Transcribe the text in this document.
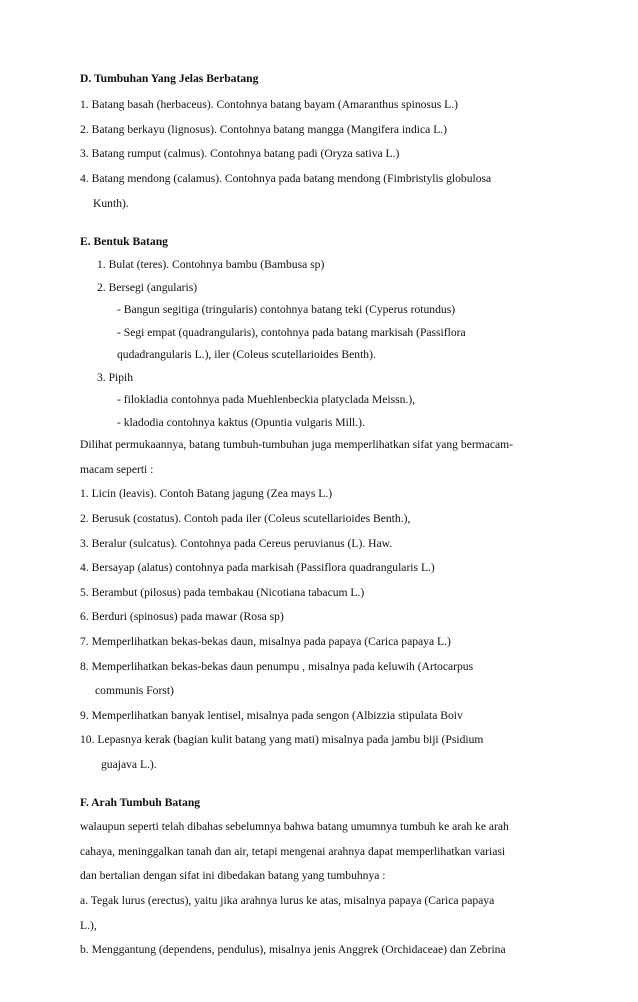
D. Tumbuhan Yang Jelas Berbatang
1. Batang basah (herbaceus). Contohnya batang bayam (Amaranthus spinosus L.)
2. Batang berkayu (lignosus). Contohnya batang mangga (Mangifera indica L.)
3. Batang rumput (calmus). Contohnya batang padi (Oryza sativa L.)
4. Batang mendong (calamus). Contohnya pada batang mendong (Fimbristylis globulosa
Kunth).
E. Bentuk Batang
1. Bulat (teres). Contohnya bambu (Bambusa sp)
2. Bersegi (angularis)
- Bangun segitiga (tringularis) contohnya batang teki (Cyperus rotundus)
- Segi empat (quadrangularis), contohnya pada batang markisah (Passiflora
qudadrangularis L.), iler (Coleus scutellarioides Benth).
3. Pipih
- filokladia contohnya pada Muehlenbeckia platyclada Meissn.),
- kladodia contohnya kaktus (Opuntia vulgaris Mill.).
Dilihat permukaannya, batang tumbuh-tumbuhan juga memperlihatkan sifat yang bermacam-
macam seperti :
1. Licin (leavis). Contoh Batang jagung (Zea mays L.)
2. Berusuk (costatus). Contoh pada iler (Coleus scutellarioides Benth.),
3. Beralur (sulcatus). Contohnya pada Cereus peruvianus (L). Haw.
4. Bersayap (alatus) contohnya pada markisah (Passiflora quadrangularis L.)
5. Berambut (pilosus) pada tembakau (Nicotiana tabacum L.)
6. Berduri (spinosus) pada mawar (Rosa sp)
7. Memperlihatkan bekas-bekas daun, misalnya pada papaya (Carica papaya L.)
8. Memperlihatkan bekas-bekas daun penumpu , misalnya pada keluwih (Artocarpus
communis Forst)
9. Memperlihatkan banyak lentisel, misalnya pada sengon (Albizzia stipulata Boiv
10. Lepasnya kerak (bagian kulit batang yang mati) misalnya pada jambu biji (Psidium
guajava L.).
F. Arah Tumbuh Batang
walaupun seperti telah dibahas sebelumnya bahwa batang umumnya tumbuh ke arah ke arah
cahaya, meninggalkan tanah dan air, tetapi mengenai arahnya dapat memperlihatkan variasi
dan bertalian dengan sifat ini dibedakan batang yang tumbuhnya :
a. Tegak lurus (erectus), yaitu jika arahnya lurus ke atas, misalnya papaya (Carica papaya
L.),
b. Menggantung (dependens, pendulus), misalnya jenis Anggrek (Orchidaceae) dan Zebrina
